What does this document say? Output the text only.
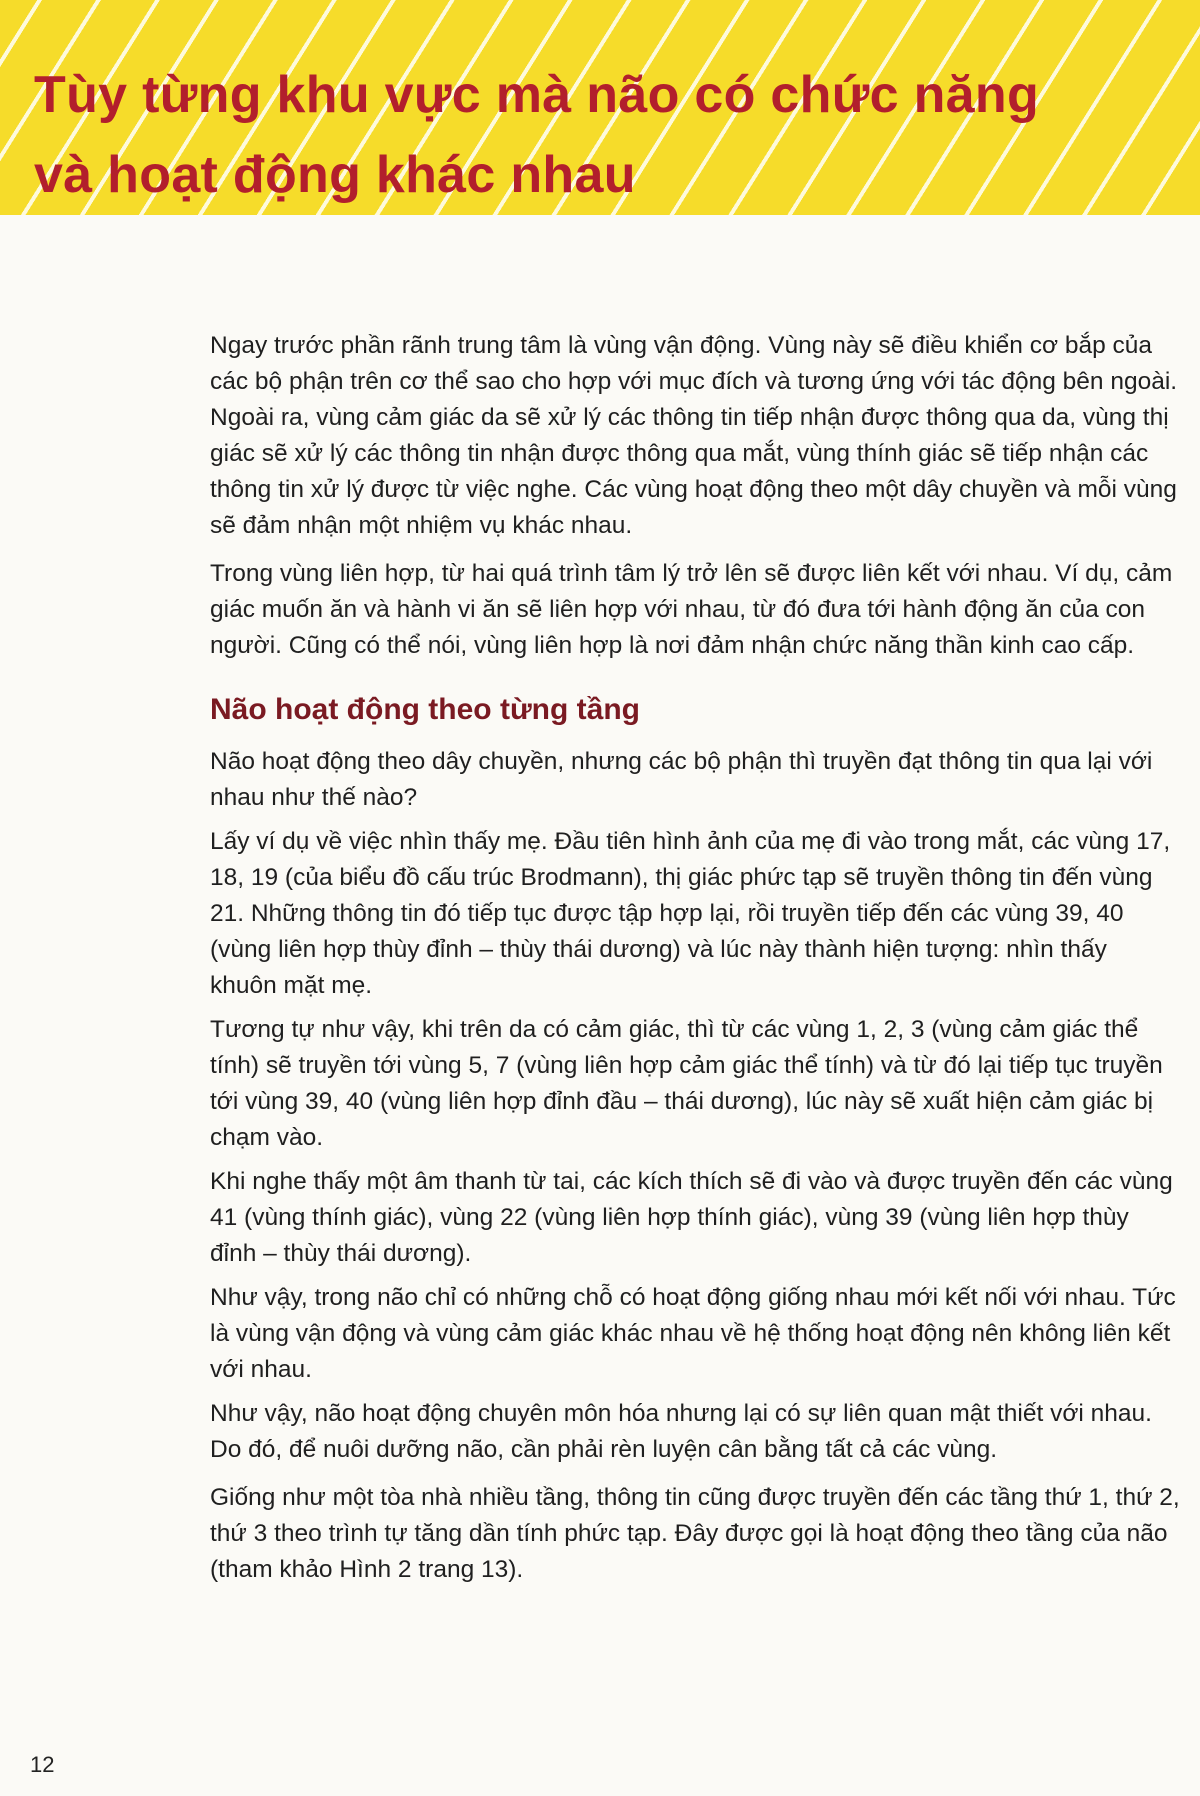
Tùy từng khu vực mà não có chức năng
và hoạt động khác nhau

Ngay trước phần rãnh trung tâm là vùng vận động. Vùng này sẽ điều khiển cơ bắp của các bộ phận trên cơ thể sao cho hợp với mục đích và tương ứng với tác động bên ngoài. Ngoài ra, vùng cảm giác da sẽ xử lý các thông tin tiếp nhận được thông qua da, vùng thị giác sẽ xử lý các thông tin nhận được thông qua mắt, vùng thính giác sẽ tiếp nhận các thông tin xử lý được từ việc nghe. Các vùng hoạt động theo một dây chuyền và mỗi vùng sẽ đảm nhận một nhiệm vụ khác nhau.

Trong vùng liên hợp, từ hai quá trình tâm lý trở lên sẽ được liên kết với nhau. Ví dụ, cảm giác muốn ăn và hành vi ăn sẽ liên hợp với nhau, từ đó đưa tới hành động ăn của con người. Cũng có thể nói, vùng liên hợp là nơi đảm nhận chức năng thần kinh cao cấp.

Não hoạt động theo từng tầng

Não hoạt động theo dây chuyền, nhưng các bộ phận thì truyền đạt thông tin qua lại với nhau như thế nào?

Lấy ví dụ về việc nhìn thấy mẹ. Đầu tiên hình ảnh của mẹ đi vào trong mắt, các vùng 17, 18, 19 (của biểu đồ cấu trúc Brodmann), thị giác phức tạp sẽ truyền thông tin đến vùng 21. Những thông tin đó tiếp tục được tập hợp lại, rồi truyền tiếp đến các vùng 39, 40 (vùng liên hợp thùy đỉnh – thùy thái dương) và lúc này thành hiện tượng: nhìn thấy khuôn mặt mẹ.

Tương tự như vậy, khi trên da có cảm giác, thì từ các vùng 1, 2, 3 (vùng cảm giác thể tính) sẽ truyền tới vùng 5, 7 (vùng liên hợp cảm giác thể tính) và từ đó lại tiếp tục truyền tới vùng 39, 40 (vùng liên hợp đỉnh đầu – thái dương), lúc này sẽ xuất hiện cảm giác bị chạm vào.

Khi nghe thấy một âm thanh từ tai, các kích thích sẽ đi vào và được truyền đến các vùng 41 (vùng thính giác), vùng 22 (vùng liên hợp thính giác), vùng 39 (vùng liên hợp thùy đỉnh – thùy thái dương).

Như vậy, trong não chỉ có những chỗ có hoạt động giống nhau mới kết nối với nhau. Tức là vùng vận động và vùng cảm giác khác nhau về hệ thống hoạt động nên không liên kết với nhau.

Như vậy, não hoạt động chuyên môn hóa nhưng lại có sự liên quan mật thiết với nhau. Do đó, để nuôi dưỡng não, cần phải rèn luyện cân bằng tất cả các vùng.

Giống như một tòa nhà nhiều tầng, thông tin cũng được truyền đến các tầng thứ 1, thứ 2, thứ 3 theo trình tự tăng dần tính phức tạp. Đây được gọi là hoạt động theo tầng của não (tham khảo Hình 2 trang 13).

12
